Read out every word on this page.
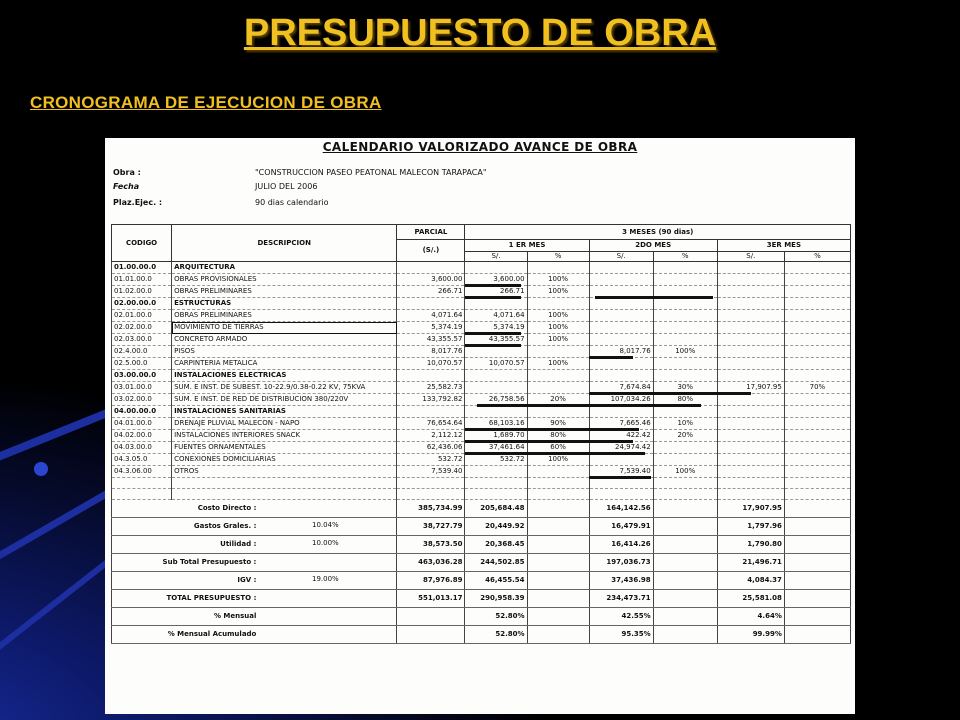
PRESUPUESTO DE OBRA
CRONOGRAMA DE EJECUCION DE OBRA
CALENDARIO VALORIZADO AVANCE DE OBRA
Obra :	"CONSTRUCCION PASEO PEATONAL MALECON TARAPACA"
Fecha	JULIO DEL 2006
Plaz.Ejec. :	90 dias calendario
CODIGO	DESCRIPCION	PARCIAL	3 MESES (90 dias)					
		(S/.)	1 ER MES		2DO MES		3ER MES	
			S/.	%	S/.	%	S/.	%
01.00.00.0	ARQUITECTURA							
01.01.00.0	OBRAS PROVISIONALES	3,600.00	3,600.00	100%				
01.02.00.0	OBRAS PRELIMINARES	266.71	266.71	100%				
02.00.00.0	ESTRUCTURAS							
02.01.00.0	OBRAS PRELIMINARES	4,071.64	4,071.64	100%				
02.02.00.0	MOVIMIENTO DE TIERRAS	5,374.19	5,374.19	100%				
02.03.00.0	CONCRETO ARMADO	43,355.57	43,355.57	100%				
02.4.00.0	PISOS	8,017.76			8,017.76	100%		
02.5.00.0	CARPINTERIA METALICA	10,070.57	10,070.57	100%				
03.00.00.0	INSTALACIONES ELECTRICAS							
03.01.00.0	SUM. E INST. DE SUBEST. 10-22.9/0.38-0.22 KV, 75KVA	25,582.73			7,674.84	30%	17,907.95	70%
03.02.00.0	SUM. E INST. DE RED DE DISTRIBUCION 380/220V	133,792.82	26,758.56	20%	107,034.26	80%		
04.00.00.0	INSTALACIONES SANITARIAS							
04.01.00.0	DRENAJE PLUVIAL MALECON - NAPO	76,654.64	68,103.16	90%	7,665.46	10%		
04.02.00.0	INSTALACIONES INTERIORES SNACK	2,112.12	1,689.70	80%	422.42	20%		
04.03.00.0	FUENTES ORNAMENTALES	62,436.06	37,461.64	60%	24,974.42			
04.3.05.0	CONEXIONES DOMICILIARIAS	532.72	532.72	100%				
04.3.06.00	OTROS	7,539.40			7,539.40	100%		

Costo Directo :		385,734.99	205,684.48		164,142.56		17,907.95	
Gastos Grales. : 10.04%		38,727.79	20,449.92		16,479.91		1,797.96	
Utilidad : 10.00%		38,573.50	20,368.45		16,414.26		1,790.80	
Sub Total Presupuesto :		463,036.28	244,502.85		197,036.73		21,496.71	
IGV : 19.00%		87,976.89	46,455.54		37,436.98		4,084.37	
TOTAL PRESUPUESTO :		551,013.17	290,958.39		234,473.71		25,581.08	
% Mensual			52.80%		42.55%		4.64%	
% Mensual Acumulado			52.80%		95.35%		99.99%	
